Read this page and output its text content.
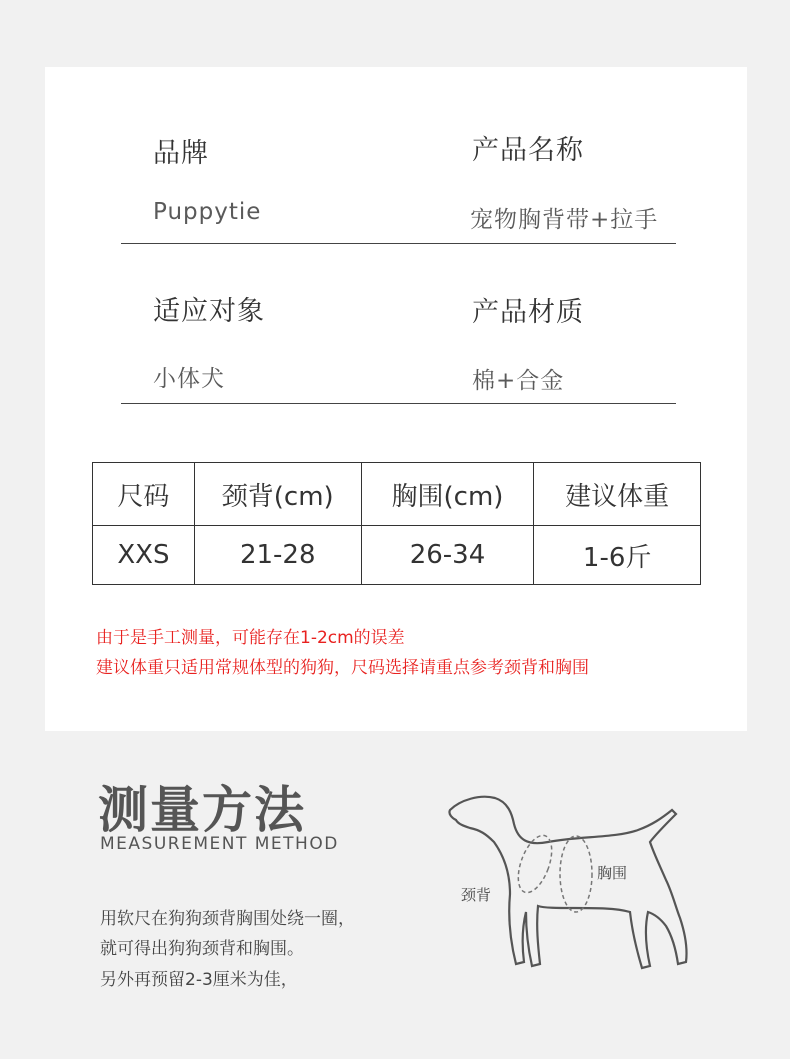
品牌
Puppytie
产品名称
宠物胸背带+拉手
适应对象
小体犬
产品材质
棉+合金
尺码	颈背(cm)	胸围(cm)	建议体重
XXS	21-28	26-34	1-6斤
由于是手工测量，可能存在1-2cm的误差
建议体重只适用常规体型的狗狗，尺码选择请重点参考颈背和胸围
测量方法
MEASUREMENT METHOD
用软尺在狗狗颈背胸围处绕一圈，
就可得出狗狗颈背和胸围。
另外再预留2-3厘米为佳，
颈背
胸围
